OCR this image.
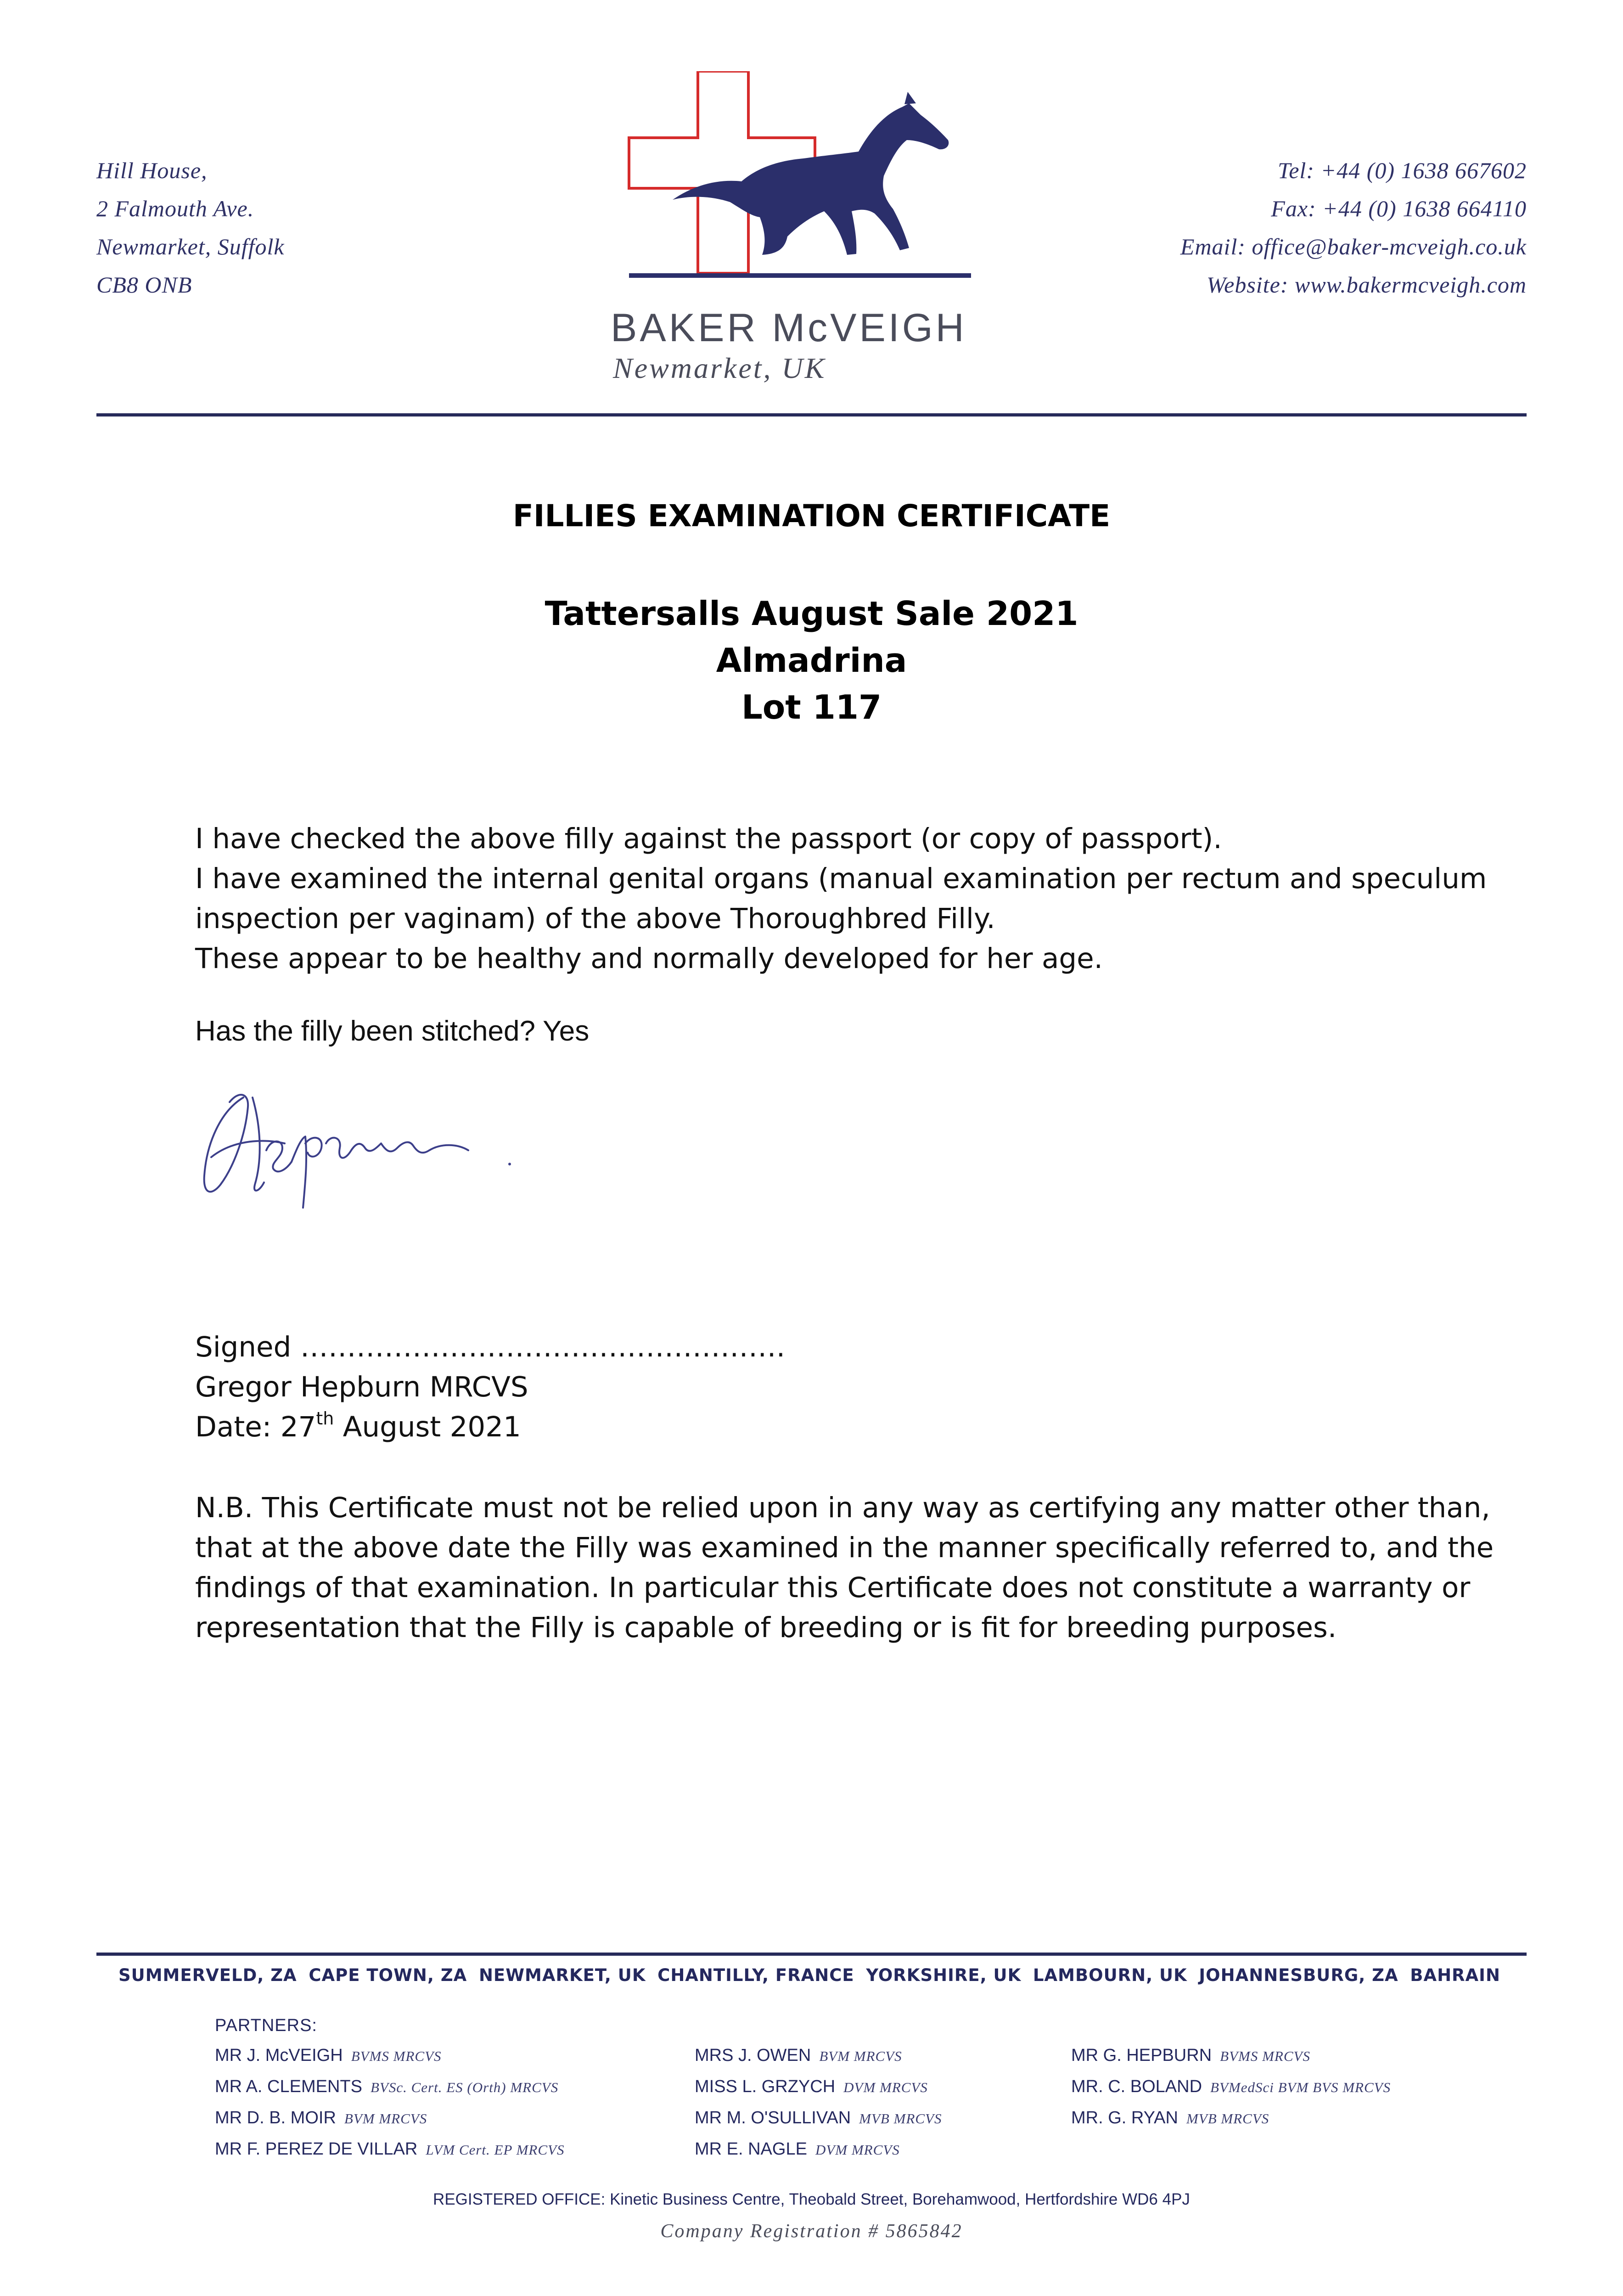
Hill House,
2 Falmouth Ave.
Newmarket, Suffolk
CB8 ONB
Tel: +44 (0) 1638 667602
Fax: +44 (0) 1638 664110
Email: office@baker-mcveigh.co.uk
Website: www.bakermcveigh.com
BAKER McVEIGH
Newmarket, UK
FILLIES EXAMINATION CERTIFICATE
Tattersalls August Sale 2021
Almadrina
Lot 117
I have checked the above filly against the passport (or copy of passport).
I have examined the internal genital organs (manual examination per rectum and speculum
inspection per vaginam) of the above Thoroughbred Filly.
These appear to be healthy and normally developed for her age.
Has the filly been stitched? Yes
Signed …………………………………………….
Gregor Hepburn MRCVS
Date: 27th August 2021
N.B. This Certificate must not be relied upon in any way as certifying any matter other than,
that at the above date the Filly was examined in the manner specifically referred to, and the
findings of that examination. In particular this Certificate does not constitute a warranty or
representation that the Filly is capable of breeding or is fit for breeding purposes.
SUMMERVELD, ZA CAPE TOWN, ZA NEWMARKET, UK CHANTILLY, FRANCE YORKSHIRE, UK LAMBOURN, UK JOHANNESBURG, ZA BAHRAIN
PARTNERS:
MR J. McVEIGH BVMS MRCVS
MR A. CLEMENTS BVSc. Cert. ES (Orth) MRCVS
MR D. B. MOIR BVM MRCVS
MR F. PEREZ DE VILLAR LVM Cert. EP MRCVS
MRS J. OWEN BVM MRCVS
MISS L. GRZYCH DVM MRCVS
MR M. O'SULLIVAN MVB MRCVS
MR E. NAGLE DVM MRCVS
MR G. HEPBURN BVMS MRCVS
MR. C. BOLAND BVMedSci BVM BVS MRCVS
MR. G. RYAN MVB MRCVS
REGISTERED OFFICE: Kinetic Business Centre, Theobald Street, Borehamwood, Hertfordshire WD6 4PJ
Company Registration # 5865842
